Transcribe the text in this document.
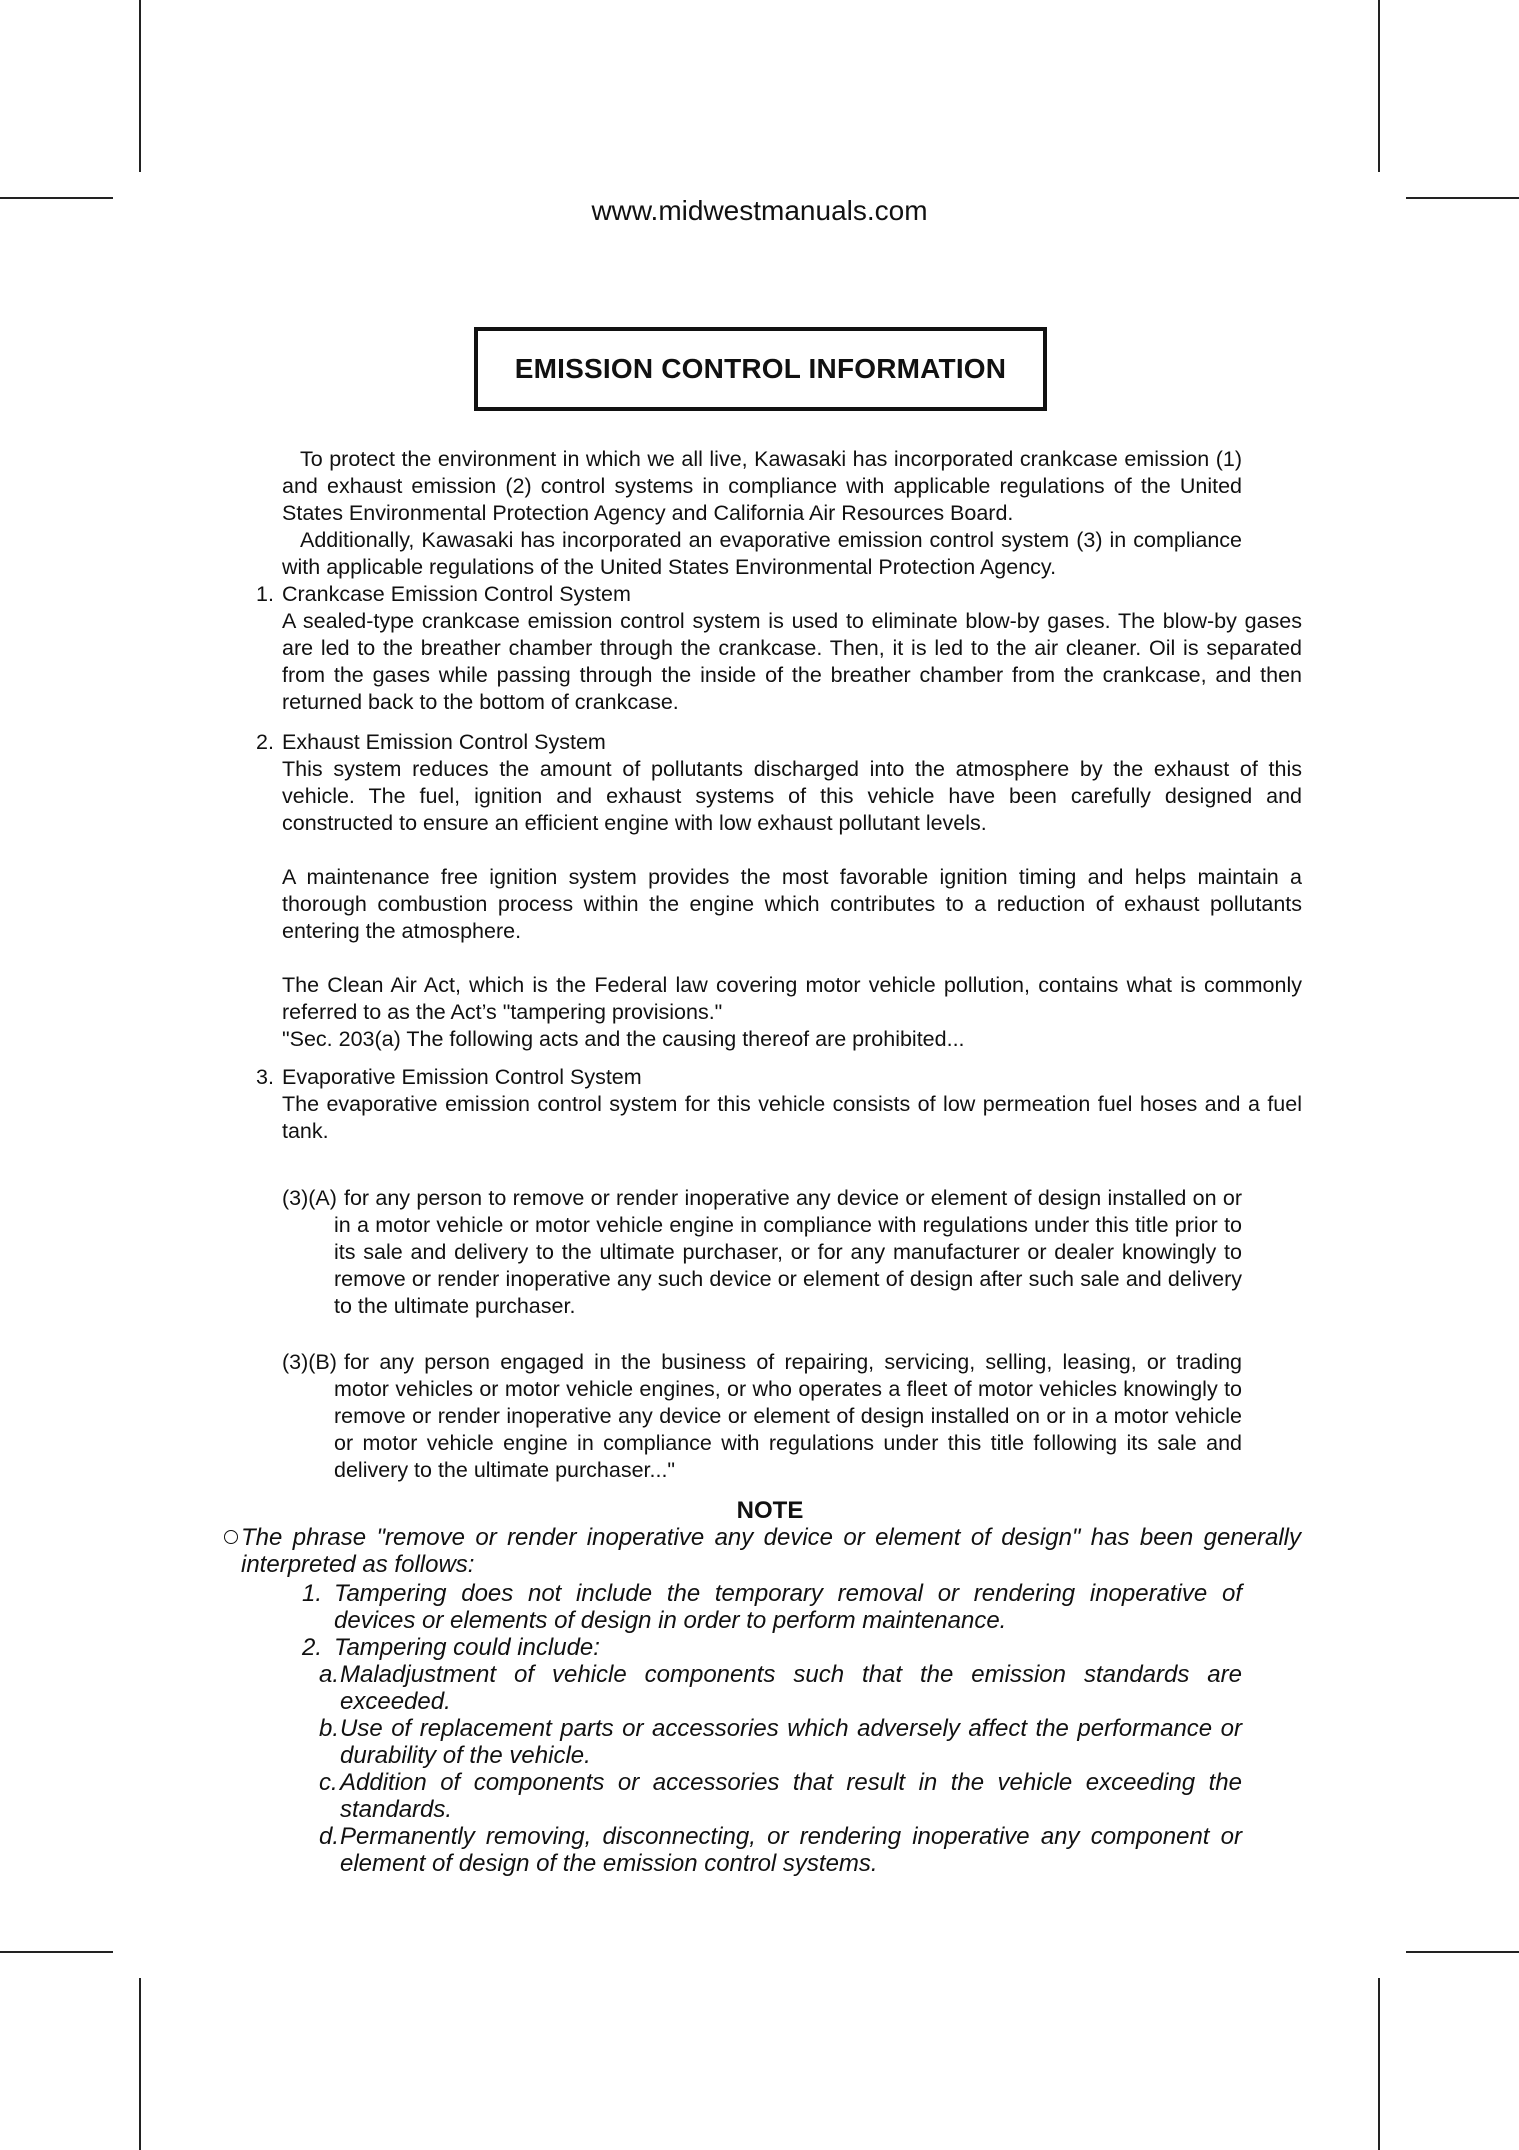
www.midwestmanuals.com
EMISSION CONTROL INFORMATION

To protect the environment in which we all live, Kawasaki has incorporated crankcase emission (1) and exhaust emission (2) control systems in compliance with applicable regulations of the United States Environmental Protection Agency and California Air Resources Board.

Additionally, Kawasaki has incorporated an evaporative emission control system (3) in compliance with applicable regulations of the United States Environmental Protection Agency.

1. Crankcase Emission Control System

A sealed-type crankcase emission control system is used to eliminate blow-by gases. The blow-by gases are led to the breather chamber through the crankcase. Then, it is led to the air cleaner. Oil is separated from the gases while passing through the inside of the breather chamber from the crankcase, and then returned back to the bottom of crankcase.

2. Exhaust Emission Control System

This system reduces the amount of pollutants discharged into the atmosphere by the exhaust of this vehicle. The fuel, ignition and exhaust systems of this vehicle have been carefully designed and constructed to ensure an efficient engine with low exhaust pollutant levels.

A maintenance free ignition system provides the most favorable ignition timing and helps maintain a thorough combustion process within the engine which contributes to a reduction of exhaust pollutants entering the atmosphere.

The Clean Air Act, which is the Federal law covering motor vehicle pollution, contains what is commonly referred to as the Act’s "tampering provisions."

"Sec. 203(a) The following acts and the causing thereof are prohibited...

3. Evaporative Emission Control System

The evaporative emission control system for this vehicle consists of low permeation fuel hoses and a fuel tank.

(3)(A) for any person to remove or render inoperative any device or element of design installed on or in a motor vehicle or motor vehicle engine in compliance with regulations under this title prior to its sale and delivery to the ultimate purchaser, or for any manufacturer or dealer knowingly to remove or render inoperative any such device or element of design after such sale and delivery to the ultimate purchaser.

(3)(B) for any person engaged in the business of repairing, servicing, selling, leasing, or trading motor vehicles or motor vehicle engines, or who operates a fleet of motor vehicles knowingly to remove or render inoperative any device or element of design installed on or in a motor vehicle or motor vehicle engine in compliance with regulations under this title following its sale and delivery to the ultimate purchaser..."

NOTE

The phrase "remove or render inoperative any device or element of design" has been generally interpreted as follows:

1. Tampering does not include the temporary removal or rendering inoperative of devices or elements of design in order to perform maintenance.

2. Tampering could include:

a. Maladjustment of vehicle components such that the emission standards are exceeded.

b. Use of replacement parts or accessories which adversely affect the performance or durability of the vehicle.

c. Addition of components or accessories that result in the vehicle exceeding the standards.

d. Permanently removing, disconnecting, or rendering inoperative any component or element of design of the emission control systems.
